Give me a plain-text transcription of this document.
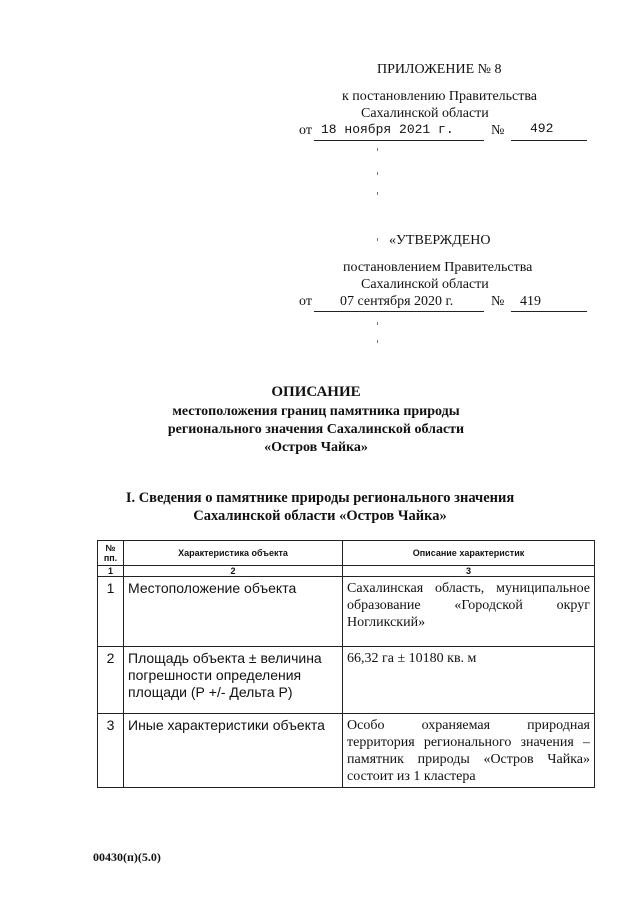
ПРИЛОЖЕНИЕ № 8
к постановлению Правительства
Сахалинской области
от 18 ноября 2021 г.	№ 492
«УТВЕРЖДЕНО
постановлением Правительства
Сахалинской области
от 07 сентября 2020 г.	№ 419
ОПИСАНИЕ
местоположения границ памятника природы
регионального значения Сахалинской области
«Остров Чайка»
I. Сведения о памятнике природы регионального значения
Сахалинской области «Остров Чайка»
№ пп.	Характеристика объекта	Описание характеристик
1	2	3
1	Местоположение объекта	Сахалинская область, муниципальное образование «Городской округ Ногликский»
2	Площадь объекта ± величина погрешности определения площади (Р +/- Дельта Р)	66,32 га ± 10180 кв. м
3	Иные характеристики объекта	Особо охраняемая природная территория регионального значения – памятник природы «Остров Чайка» состоит из 1 кластера
00430(п)(5.0)
